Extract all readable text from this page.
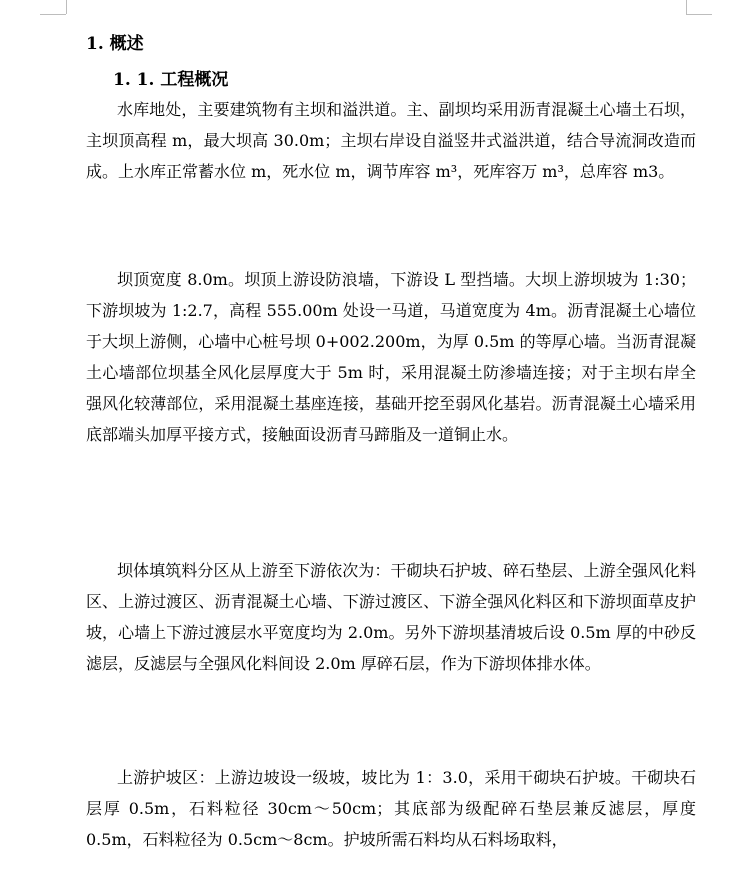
1. 概述
1. 1. 工程概况

水库地处，主要建筑物有主坝和溢洪道。主、副坝均采用沥青混凝土心墙土石坝，主坝顶高程 m，最大坝高 30.0m；主坝右岸设自溢竖井式溢洪道，结合导流洞改造而成。上水库正常蓄水位 m，死水位 m，调节库容 m³，死库容万 m³，总库容 m3。

坝顶宽度 8.0m。坝顶上游设防浪墙，下游设 L 型挡墙。大坝上游坝坡为 1:30；下游坝坡为 1:2.7，高程 555.00m 处设一马道，马道宽度为 4m。沥青混凝土心墙位于大坝上游侧，心墙中心桩号坝 0+002.200m，为厚 0.5m 的等厚心墙。当沥青混凝土心墙部位坝基全风化层厚度大于 5m 时，采用混凝土防渗墙连接；对于主坝右岸全强风化较薄部位，采用混凝土基座连接，基础开挖至弱风化基岩。沥青混凝土心墙采用底部端头加厚平接方式，接触面设沥青马蹄脂及一道铜止水。

坝体填筑料分区从上游至下游依次为：干砌块石护坡、碎石垫层、上游全强风化料区、上游过渡区、沥青混凝土心墙、下游过渡区、下游全强风化料区和下游坝面草皮护坡，心墙上下游过渡层水平宽度均为 2.0m。另外下游坝基清坡后设 0.5m 厚的中砂反滤层，反滤层与全强风化料间设 2.0m 厚碎石层，作为下游坝体排水体。

上游护坡区：上游边坡设一级坡，坡比为 1：3.0，采用干砌块石护坡。干砌块石层厚 0.5m，石料粒径 30cm～50cm；其底部为级配碎石垫层兼反滤层，厚度 0.5m，石料粒径为 0.5cm～8cm。护坡所需石料均从石料场取料，
